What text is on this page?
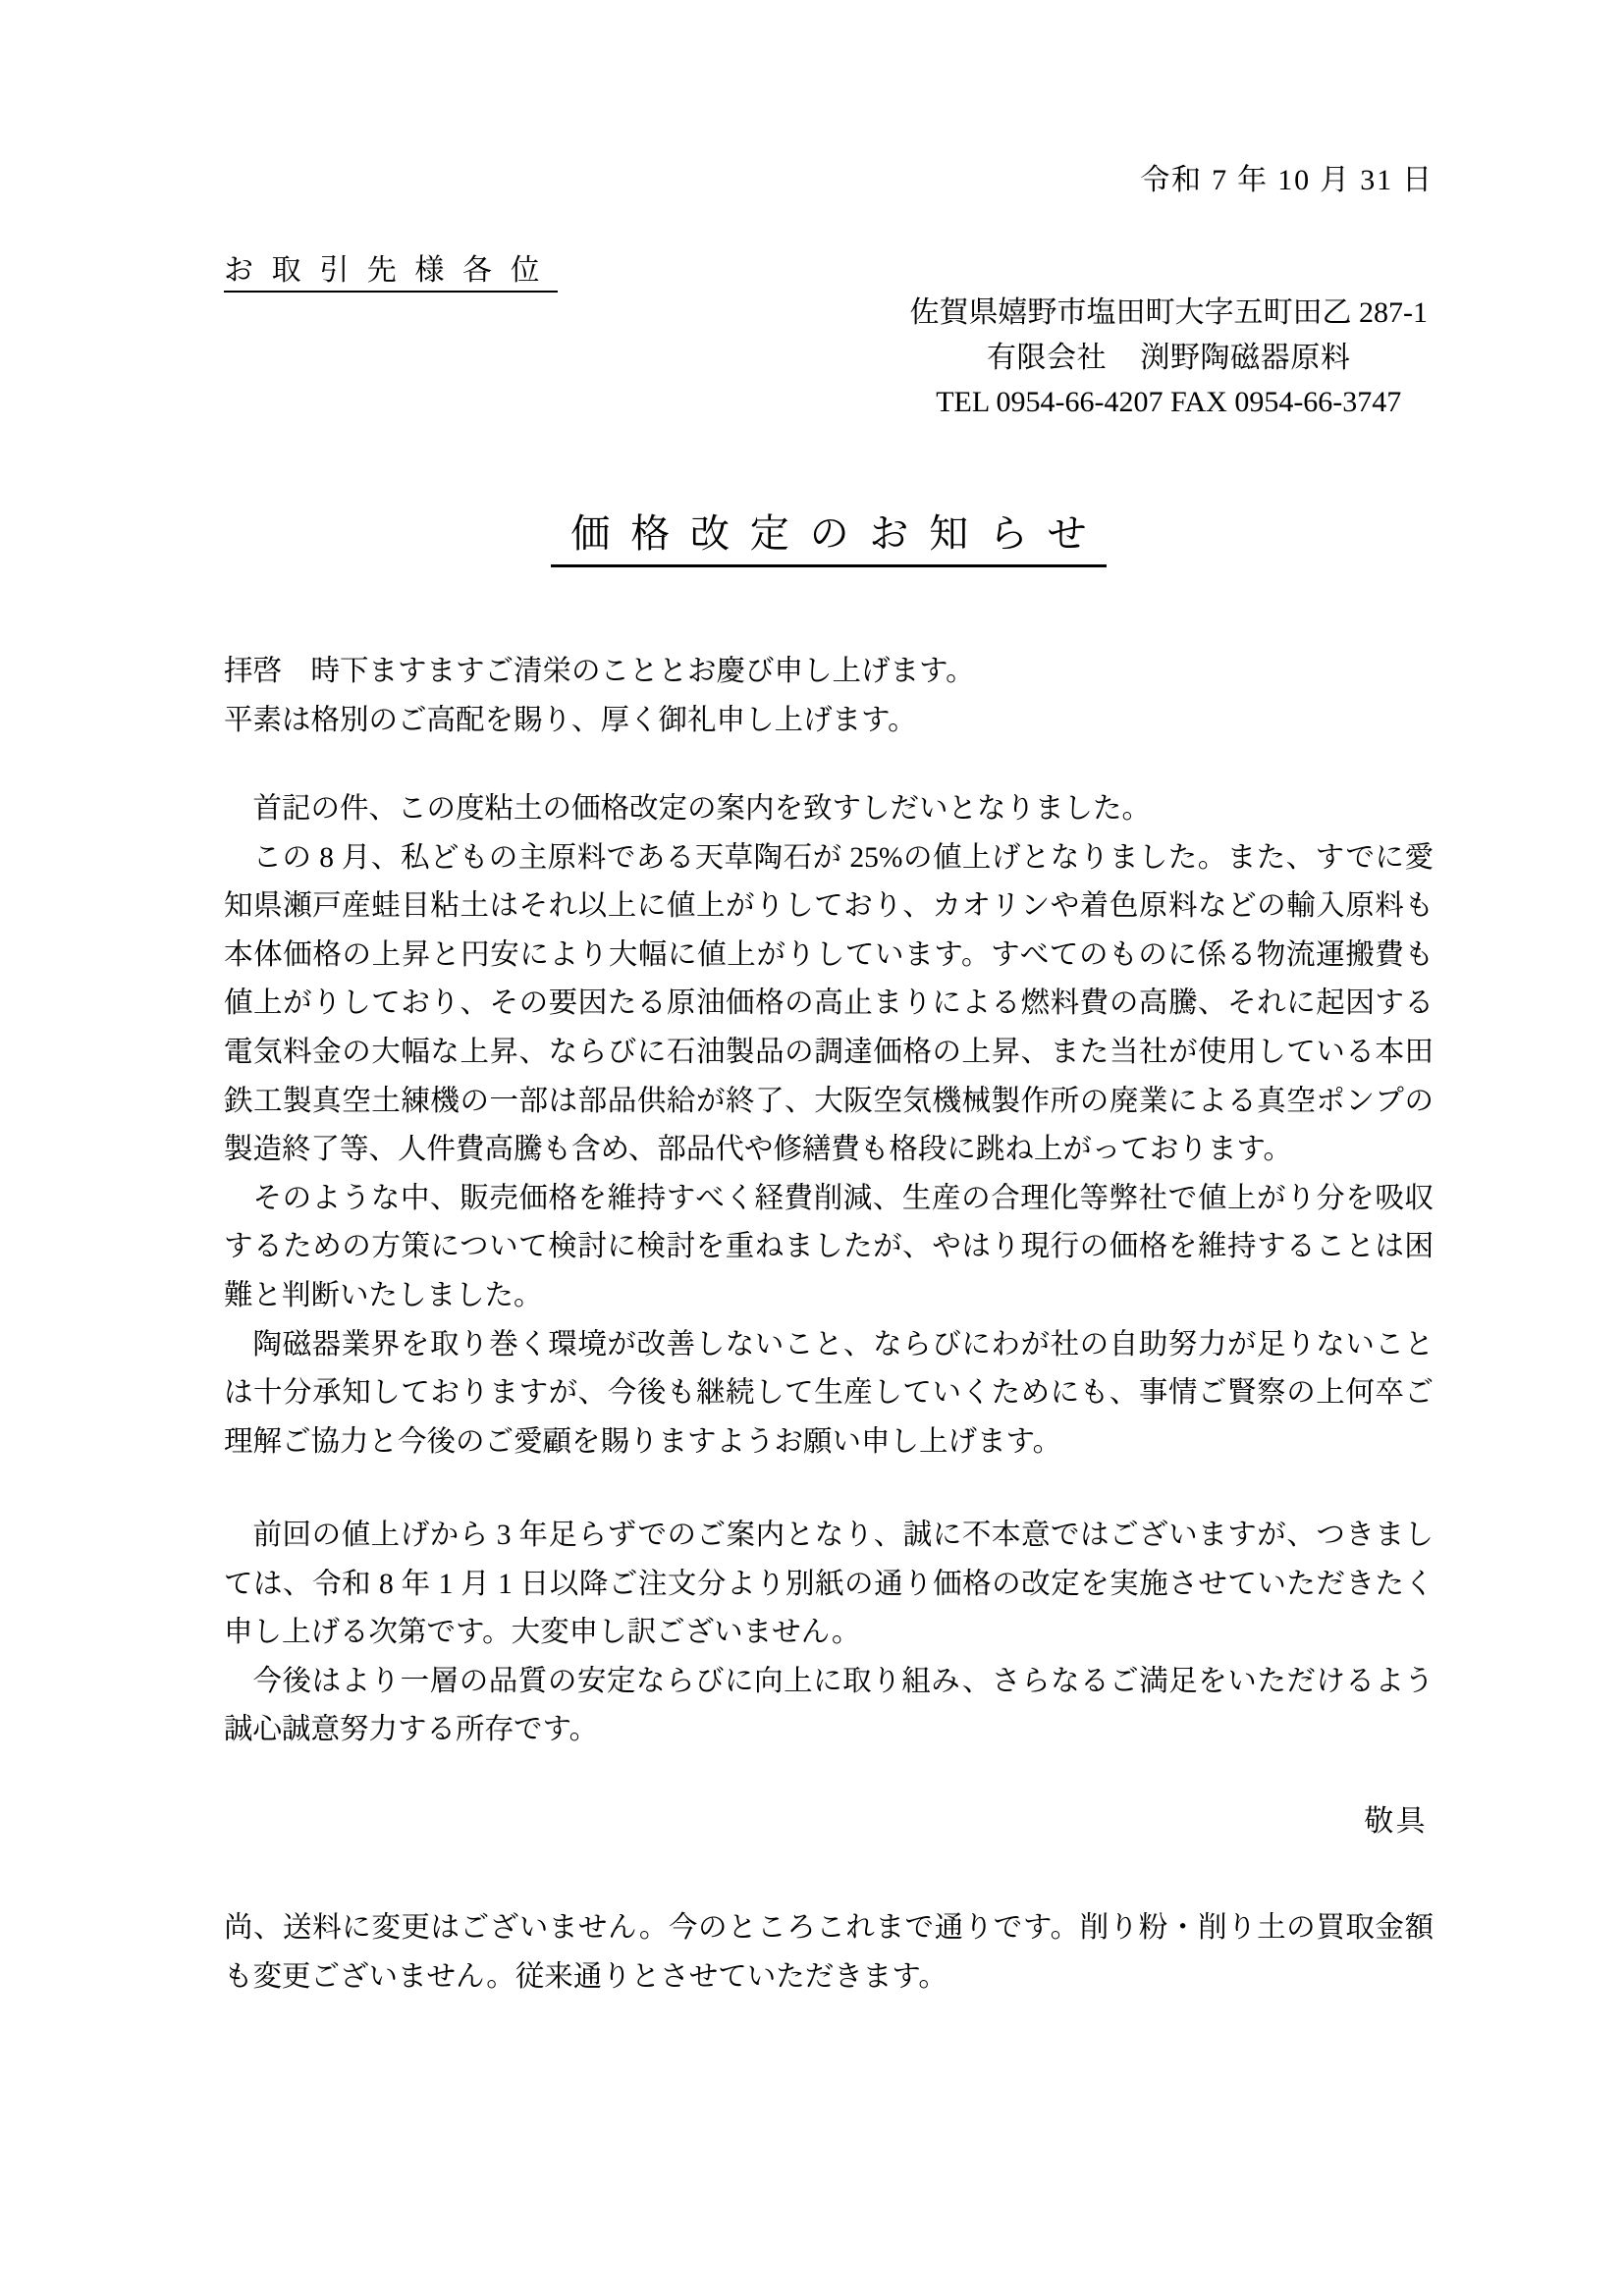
令和 7 年 10 月 31 日
お取引先様各位
佐賀県嬉野市塩田町大字五町田乙 287-1
有限会社 渕野陶磁器原料
TEL 0954-66-4207 FAX 0954-66-3747
価格改定のお知らせ

拝啓　時下ますますご清栄のこととお慶び申し上げます。

平素は格別のご高配を賜り、厚く御礼申し上げます。

首記の件、この度粘土の価格改定の案内を致すしだいとなりました。

この 8 月、私どもの主原料である天草陶石が 25%の値上げとなりました。また、すでに愛知県瀬戸産蛙目粘土はそれ以上に値上がりしており、カオリンや着色原料などの輸入原料も本体価格の上昇と円安により大幅に値上がりしています。すべてのものに係る物流運搬費も値上がりしており、その要因たる原油価格の高止まりによる燃料費の高騰、それに起因する電気料金の大幅な上昇、ならびに石油製品の調達価格の上昇、また当社が使用している本田鉄工製真空土練機の一部は部品供給が終了、大阪空気機械製作所の廃業による真空ポンプの製造終了等、人件費高騰も含め、部品代や修繕費も格段に跳ね上がっております。

そのような中、販売価格を維持すべく経費削減、生産の合理化等弊社で値上がり分を吸収するための方策について検討に検討を重ねましたが、やはり現行の価格を維持することは困難と判断いたしました。

陶磁器業界を取り巻く環境が改善しないこと、ならびにわが社の自助努力が足りないことは十分承知しておりますが、今後も継続して生産していくためにも、事情ご賢察の上何卒ご理解ご協力と今後のご愛顧を賜りますようお願い申し上げます。

前回の値上げから 3 年足らずでのご案内となり、誠に不本意ではございますが、つきましては、令和 8 年 1 月 1 日以降ご注文分より別紙の通り価格の改定を実施させていただきたく申し上げる次第です。大変申し訳ございません。

今後はより一層の品質の安定ならびに向上に取り組み、さらなるご満足をいただけるよう誠心誠意努力する所存です。

敬具

尚、送料に変更はございません。今のところこれまで通りです。削り粉・削り土の買取金額も変更ございません。従来通りとさせていただきます。
